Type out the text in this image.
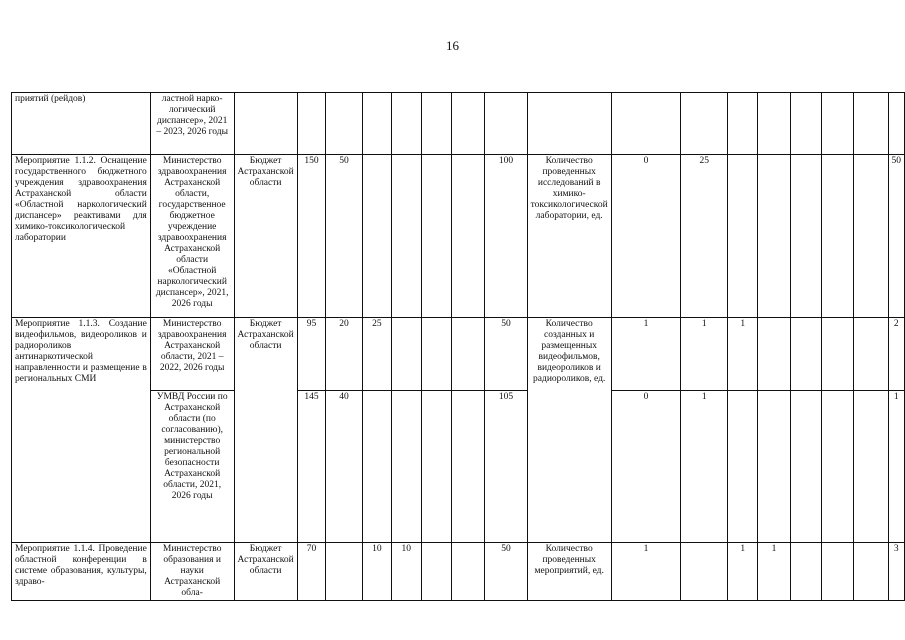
16
приятий (рейдов)	ластной нарко-логический диспансер», 2021 – 2023, 2026 годы																	
Мероприятие 1.1.2. Оснащение государственного бюджетного учреждения здравоохранения Астраханской области «Областной наркологический диспансер» реактивами для химико-токсикологической лаборатории	Министерство здравоохранения Астраханской области, государственное бюджетное учреждение здравоохранения Астраханской области «Областной наркологический диспансер», 2021, 2026 годы	Бюджет Астраханской области	150	50					100	Количество проведенных исследований в химико-токсикологической лаборатории, ед.	0	25						50
Мероприятие 1.1.3. Создание видеофильмов, видеороликов и радиороликов антинаркотической направленности и размещение в региональных СМИ	Министерство здравоохранения Астраханской области, 2021 – 2022, 2026 годы	Бюджет Астраханской области	95	20	25				50	Количество созданных и размещенных видеофильмов, видеороликов и радиороликов, ед.	1	1	1					2
	УМВД России по Астраханской области (по согласованию), министерство региональной безопасности Астраханской области, 2021, 2026 годы		145	40					105		0	1						1
Мероприятие 1.1.4. Проведение областной конференции в системе образования, культуры, здраво-	Министерство образования и науки Астраханской обла-	Бюджет Астраханской области	70		10	10			50	Количество проведенных мероприятий, ед.	1		1	1				3
